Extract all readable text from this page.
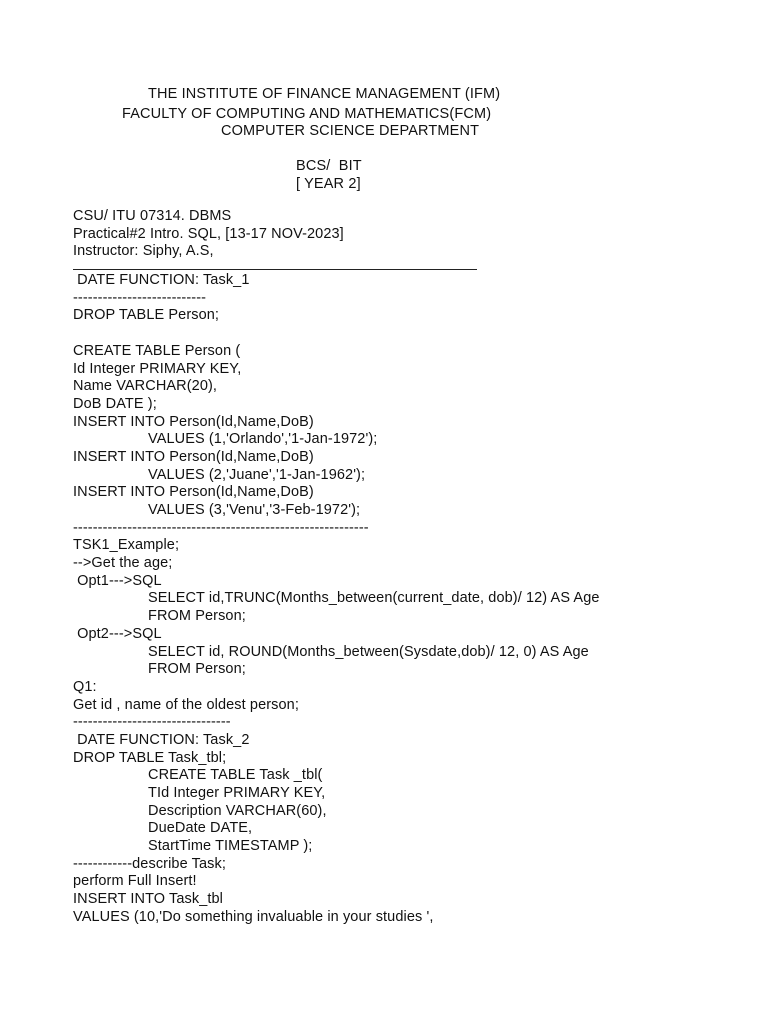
THE INSTITUTE OF FINANCE MANAGEMENT (IFM)
FACULTY OF COMPUTING AND MATHEMATICS(FCM)
COMPUTER SCIENCE DEPARTMENT
BCS/  BIT
[ YEAR 2]
CSU/ ITU 07314. DBMS
Practical#2 Intro. SQL, [13-17 NOV-2023]
Instructor: Siphy, A.S,
DATE FUNCTION: Task_1
---------------------------
DROP TABLE Person;
CREATE TABLE Person (
Id Integer PRIMARY KEY,
Name VARCHAR(20),
DoB DATE );
INSERT INTO Person(Id,Name,DoB)
VALUES (1,'Orlando','1-Jan-1972');
INSERT INTO Person(Id,Name,DoB)
VALUES (2,'Juane','1-Jan-1962');
INSERT INTO Person(Id,Name,DoB)
VALUES (3,'Venu','3-Feb-1972');
------------------------------------------------------------
TSK1_Example;
-->Get the age;
Opt1--->SQL
SELECT id,TRUNC(Months_between(current_date, dob)/ 12) AS Age
FROM Person;
Opt2--->SQL
SELECT id, ROUND(Months_between(Sysdate,dob)/ 12, 0) AS Age
FROM Person;
Q1:
Get id , name of the oldest person;
--------------------------------
DATE FUNCTION: Task_2
DROP TABLE Task_tbl;
CREATE TABLE Task _tbl(
TId Integer PRIMARY KEY,
Description VARCHAR(60),
DueDate DATE,
StartTime TIMESTAMP );
------------describe Task;
perform Full Insert!
INSERT INTO Task_tbl
VALUES (10,'Do something invaluable in your studies ',
